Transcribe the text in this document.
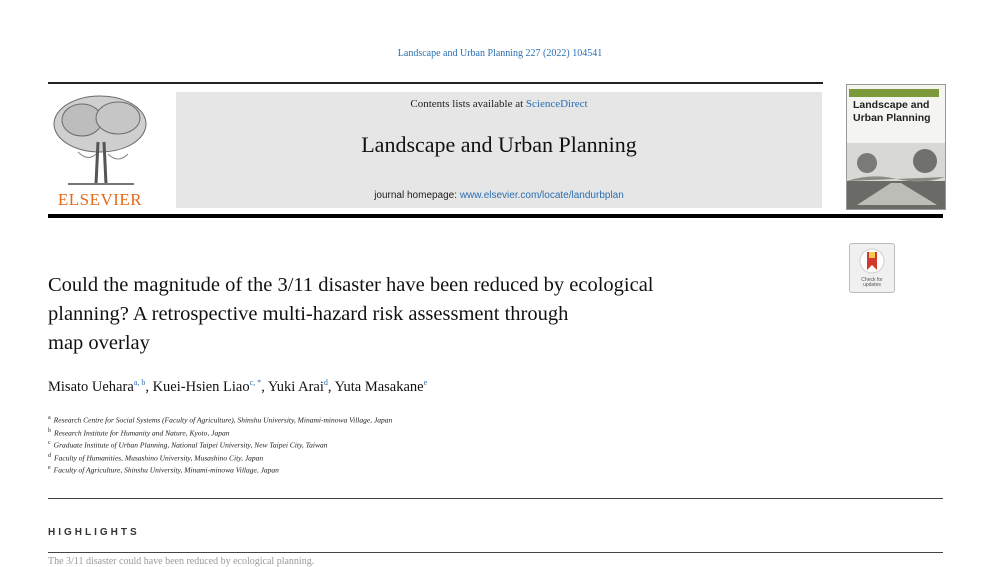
Landscape and Urban Planning 227 (2022) 104541
ELSEVIER
Contents lists available at ScienceDirect
Landscape and Urban Planning
journal homepage: www.elsevier.com/locate/landurbplan
Landscape and
Urban Planning
Check for
updates
Could the magnitude of the 3/11 disaster have been reduced by ecological
planning? A retrospective multi-hazard risk assessment through
map overlay
Misato Uehara$^{a, b}$, Kuei-Hsien Liao$^{c, *}$, Yuki Arai$^d$, Yuta Masakane$^e$
$^a$ Research Centre for Social Systems (Faculty of Agriculture), Shinshu University, Minami-minowa Village, Japan
$^b$ Research Institute for Humanity and Nature, Kyoto, Japan
$^c$ Graduate Institute of Urban Planning, National Taipei University, New Taipei City, Taiwan
$^d$ Faculty of Humanities, Musashino University, Musashino City, Japan
$^e$ Faculty of Agriculture, Shinshu University, Minami-minowa Village, Japan
HIGHLIGHTS
The 3/11 disaster could have been reduced by ecological planning.
